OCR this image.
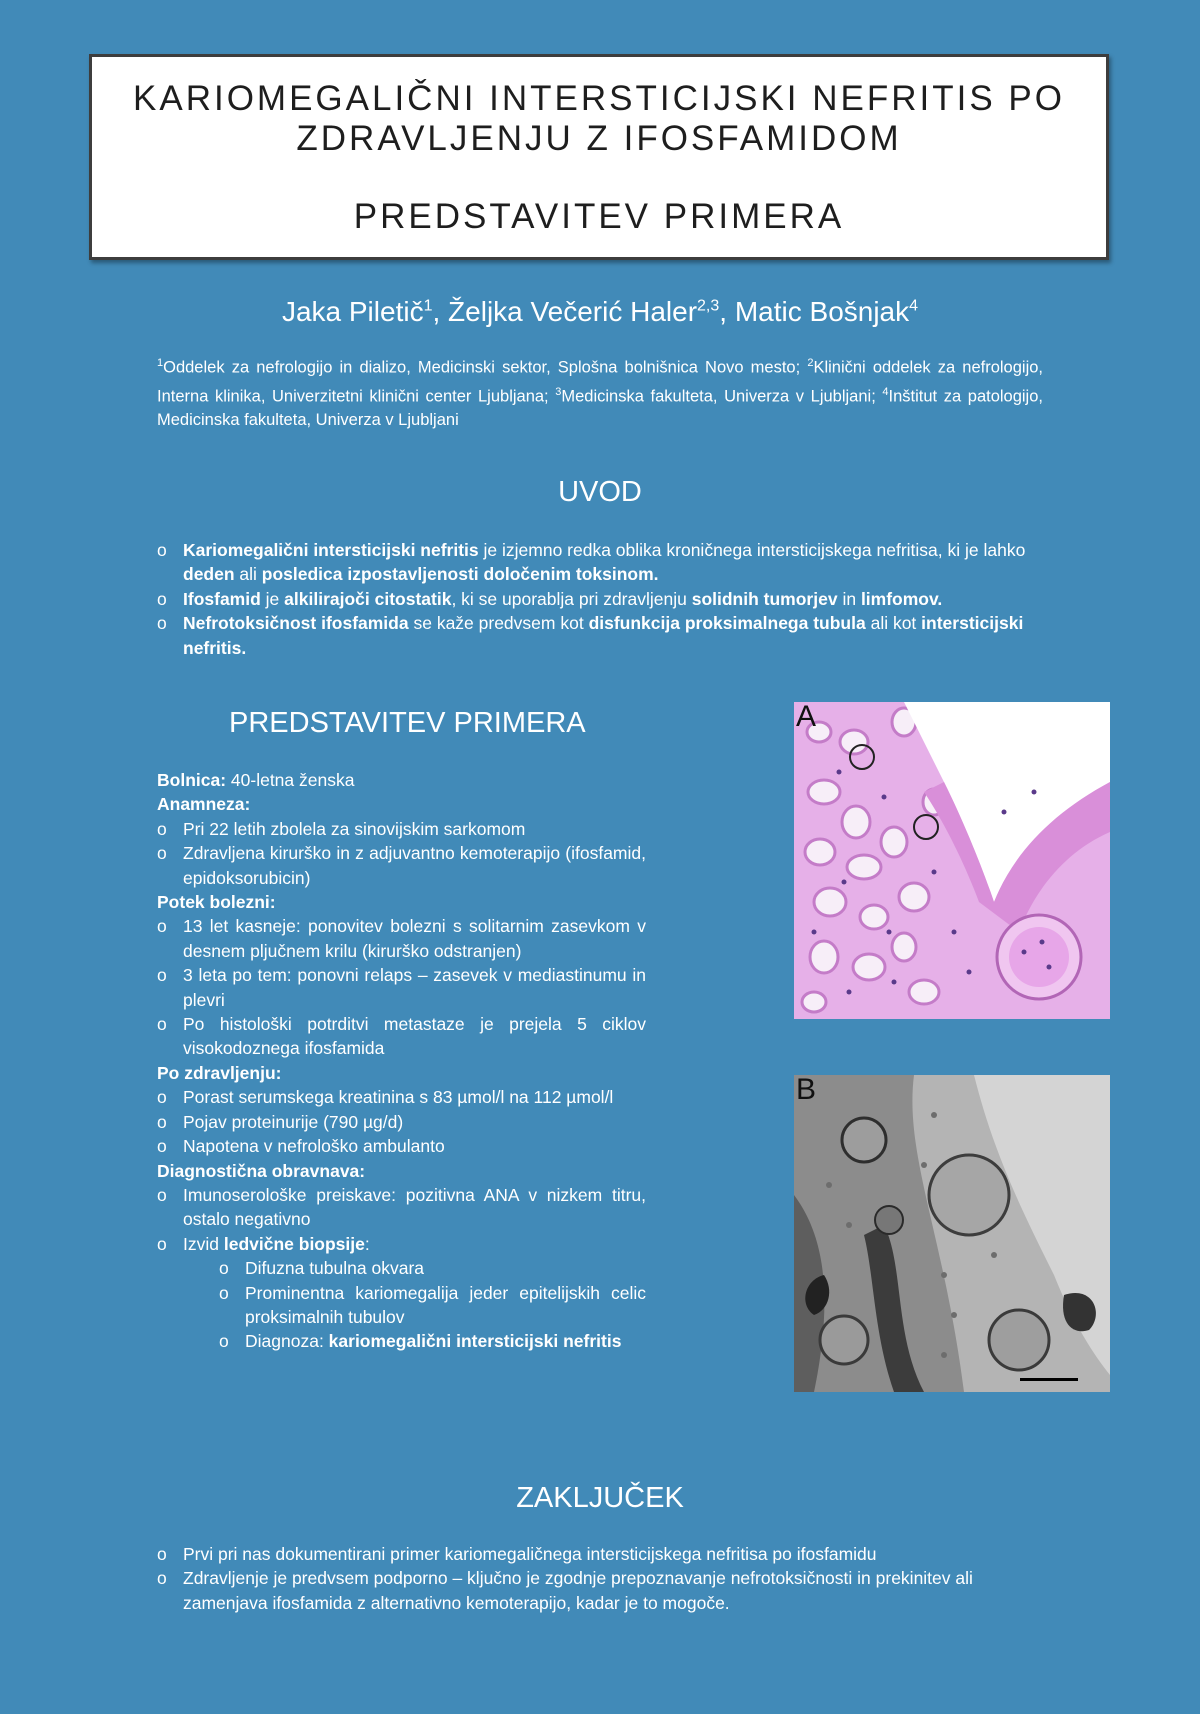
KARIOMEGALIČNI INTERSTICIJSKI NEFRITIS PO
ZDRAVLJENJU Z IFOSFAMIDOM
PREDSTAVITEV PRIMERA
Jaka Piletič$^1$, Željka Večerić Haler$^{2,3}$, Matic Bošnjak$^4$
$^1$Oddelek za nefrologijo in dializo, Medicinski sektor, Splošna bolnišnica Novo mesto; $^2$Klinični oddelek za nefrologijo, Interna klinika, Univerzitetni klinični center Ljubljana; $^3$Medicinska fakulteta, Univerza v Ljubljani; $^4$Inštitut za patologijo, Medicinska fakulteta, Univerza v Ljubljani
UVOD
o Kariomegalični intersticijski nefritis je izjemno redka oblika kroničnega intersticijskega nefritisa, ki je lahko deden ali posledica izpostavljenosti določenim toksinom.
o Ifosfamid je alkilirajoči citostatik, ki se uporablja pri zdravljenju solidnih tumorjev in limfomov.
o Nefrotoksičnost ifosfamida se kaže predvsem kot disfunkcija proksimalnega tubula ali kot intersticijski nefritis.
PREDSTAVITEV PRIMERA
Bolnica: 40-letna ženska
Anamneza:
o Pri 22 letih zbolela za sinovijskim sarkomom
o Zdravljena kirurško in z adjuvantno kemoterapijo (ifosfamid, epidoksorubicin)
Potek bolezni:
o 13 let kasneje: ponovitev bolezni s solitarnim zasevkom v desnem pljučnem krilu (kirurško odstranjen)
o 3 leta po tem: ponovni relaps – zasevek v mediastinumu in plevri
o Po histološki potrditvi metastaze je prejela 5 ciklov visokodoznega ifosfamida
Po zdravljenju:
o Porast serumskega kreatinina s 83 µmol/l na 112 µmol/l
o Pojav proteinurije (790 µg/d)
o Napotena v nefrološko ambulanto
Diagnostična obravnava:
o Imunoserološke preiskave: pozitivna ANA v nizkem titru, ostalo negativno
o Izvid ledvične biopsije:
o Difuzna tubulna okvara
o Prominentna kariomegalija jeder epitelijskih celic proksimalnih tubulov
o Diagnoza: kariomegalični intersticijski nefritis
A
B
ZAKLJUČEK
o Prvi pri nas dokumentirani primer kariomegaličnega intersticijskega nefritisa po ifosfamidu
o Zdravljenje je predvsem podporno – ključno je zgodnje prepoznavanje nefrotoksičnosti in prekinitev ali zamenjava ifosfamida z alternativno kemoterapijo, kadar je to mogoče.
